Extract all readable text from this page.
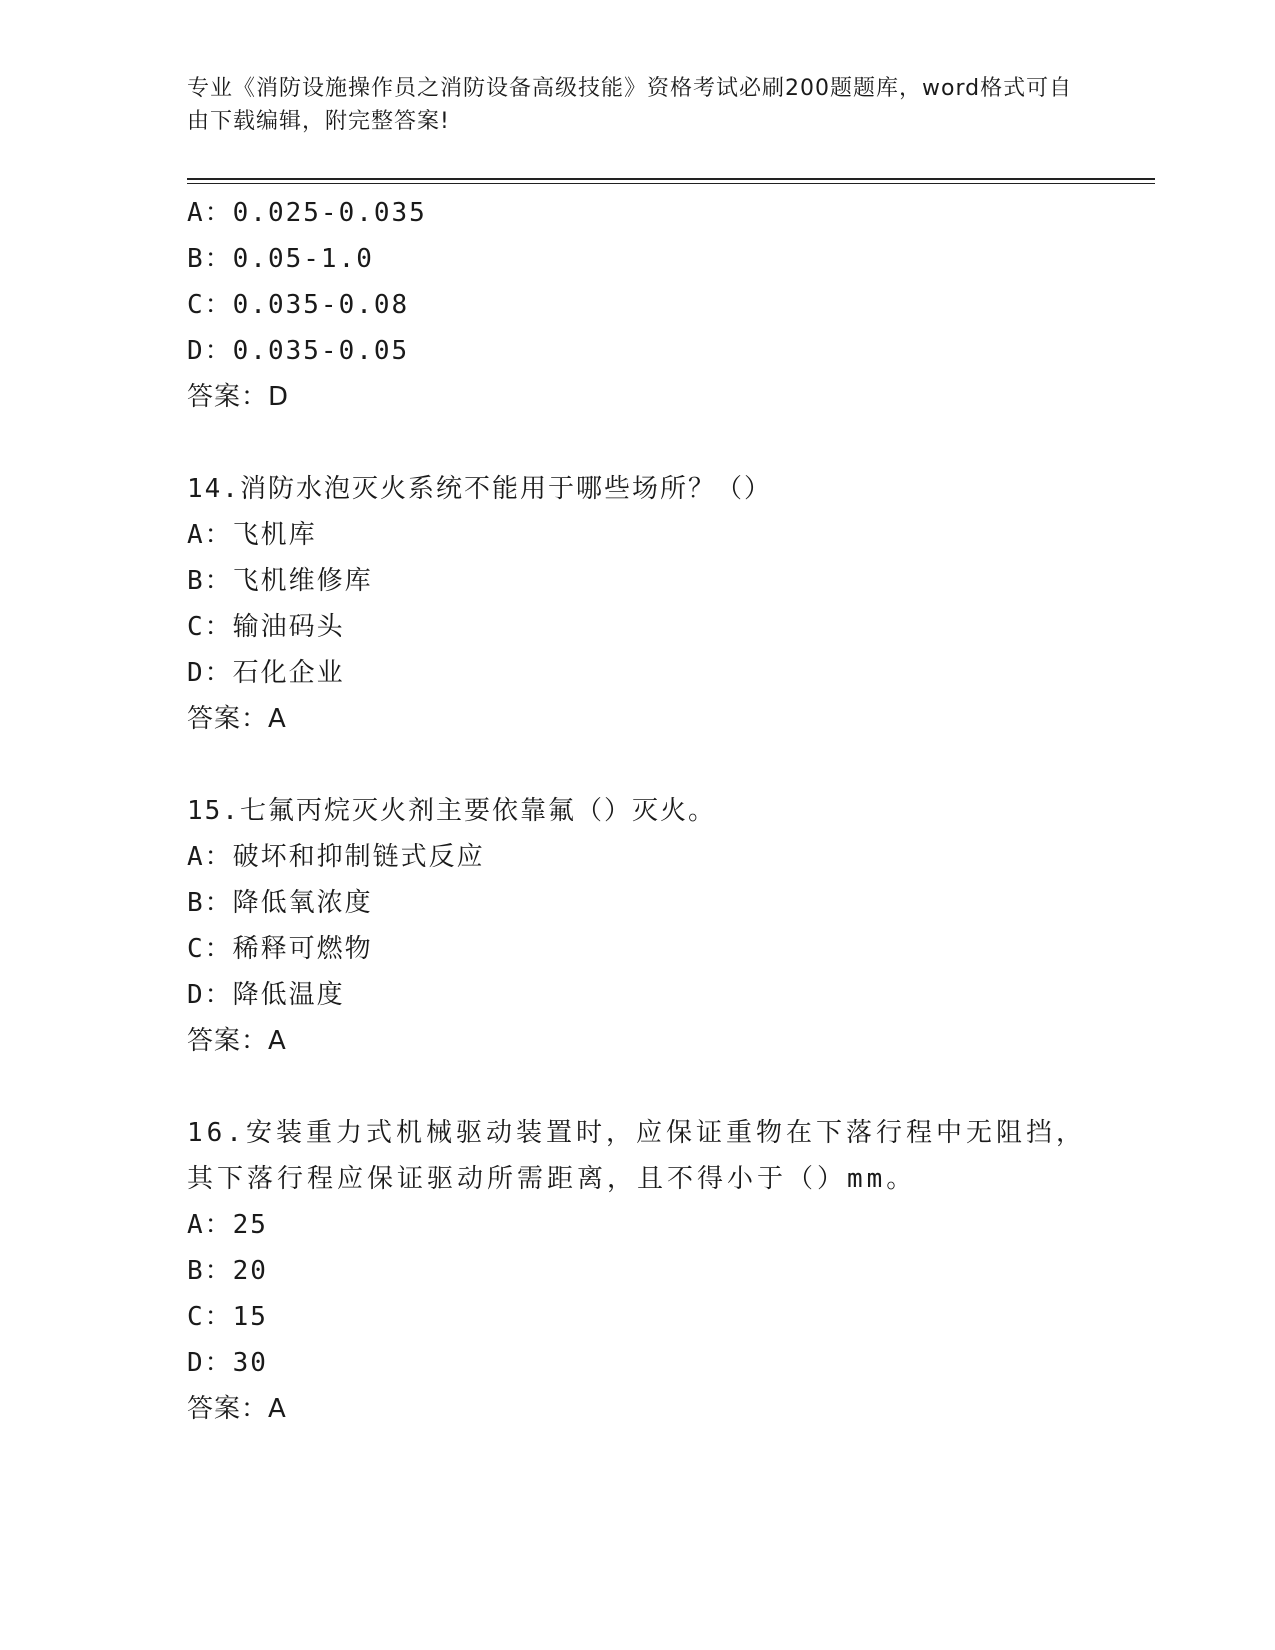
专业《消防设施操作员之消防设备高级技能》资格考试必刷200题题库，word格式可自由下载编辑，附完整答案!
A：0.025-0.035
B：0.05-1.0
C：0.035-0.08
D：0.035-0.05
答案：D
14.消防水泡灭火系统不能用于哪些场所？（）
A：飞机库
B：飞机维修库
C：输油码头
D：石化企业
答案：A
15.七氟丙烷灭火剂主要依靠氟（）灭火。
A：破坏和抑制链式反应
B：降低氧浓度
C：稀释可燃物
D：降低温度
答案：A
16.安装重力式机械驱动装置时，应保证重物在下落行程中无阻挡，其下落行程应保证驱动所需距离，且不得小于（）mm。
A：25
B：20
C：15
D：30
答案：A
